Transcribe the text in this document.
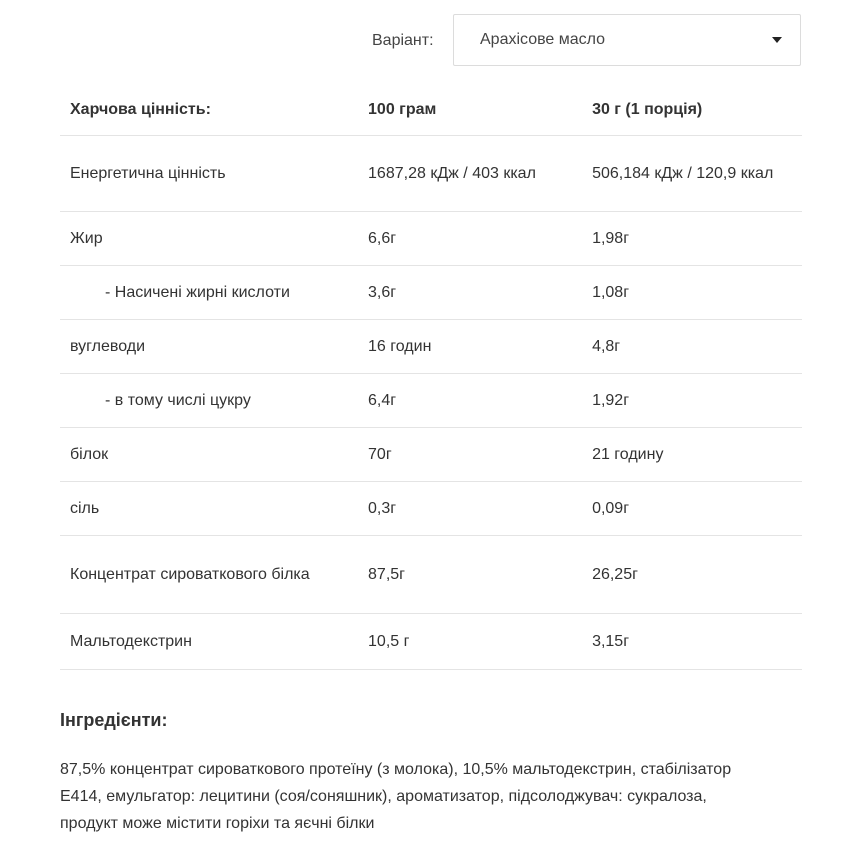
Варіант:	Арахісове масло
Харчова цінність:	100 грам	30 г (1 порція)
Енергетична цінність	1687,28 кДж / 403 ккал	506,184 кДж / 120,9 ккал
Жир	6,6г	1,98г
- Насичені жирні кислоти	3,6г	1,08г
вуглеводи	16 годин	4,8г
- в тому числі цукру	6,4г	1,92г
білок	70г	21 годину
сіль	0,3г	0,09г
Концентрат сироваткового білка	87,5г	26,25г
Мальтодекстрин	10,5 г	3,15г
Інгредієнти:
87,5% концентрат сироваткового протеїну (з молока), 10,5% мальтодекстрин, стабілізатор Е414, емульгатор: лецитини (соя/соняшник), ароматизатор, підсолоджувач: сукралоза, продукт може містити горіхи та яєчні білки
